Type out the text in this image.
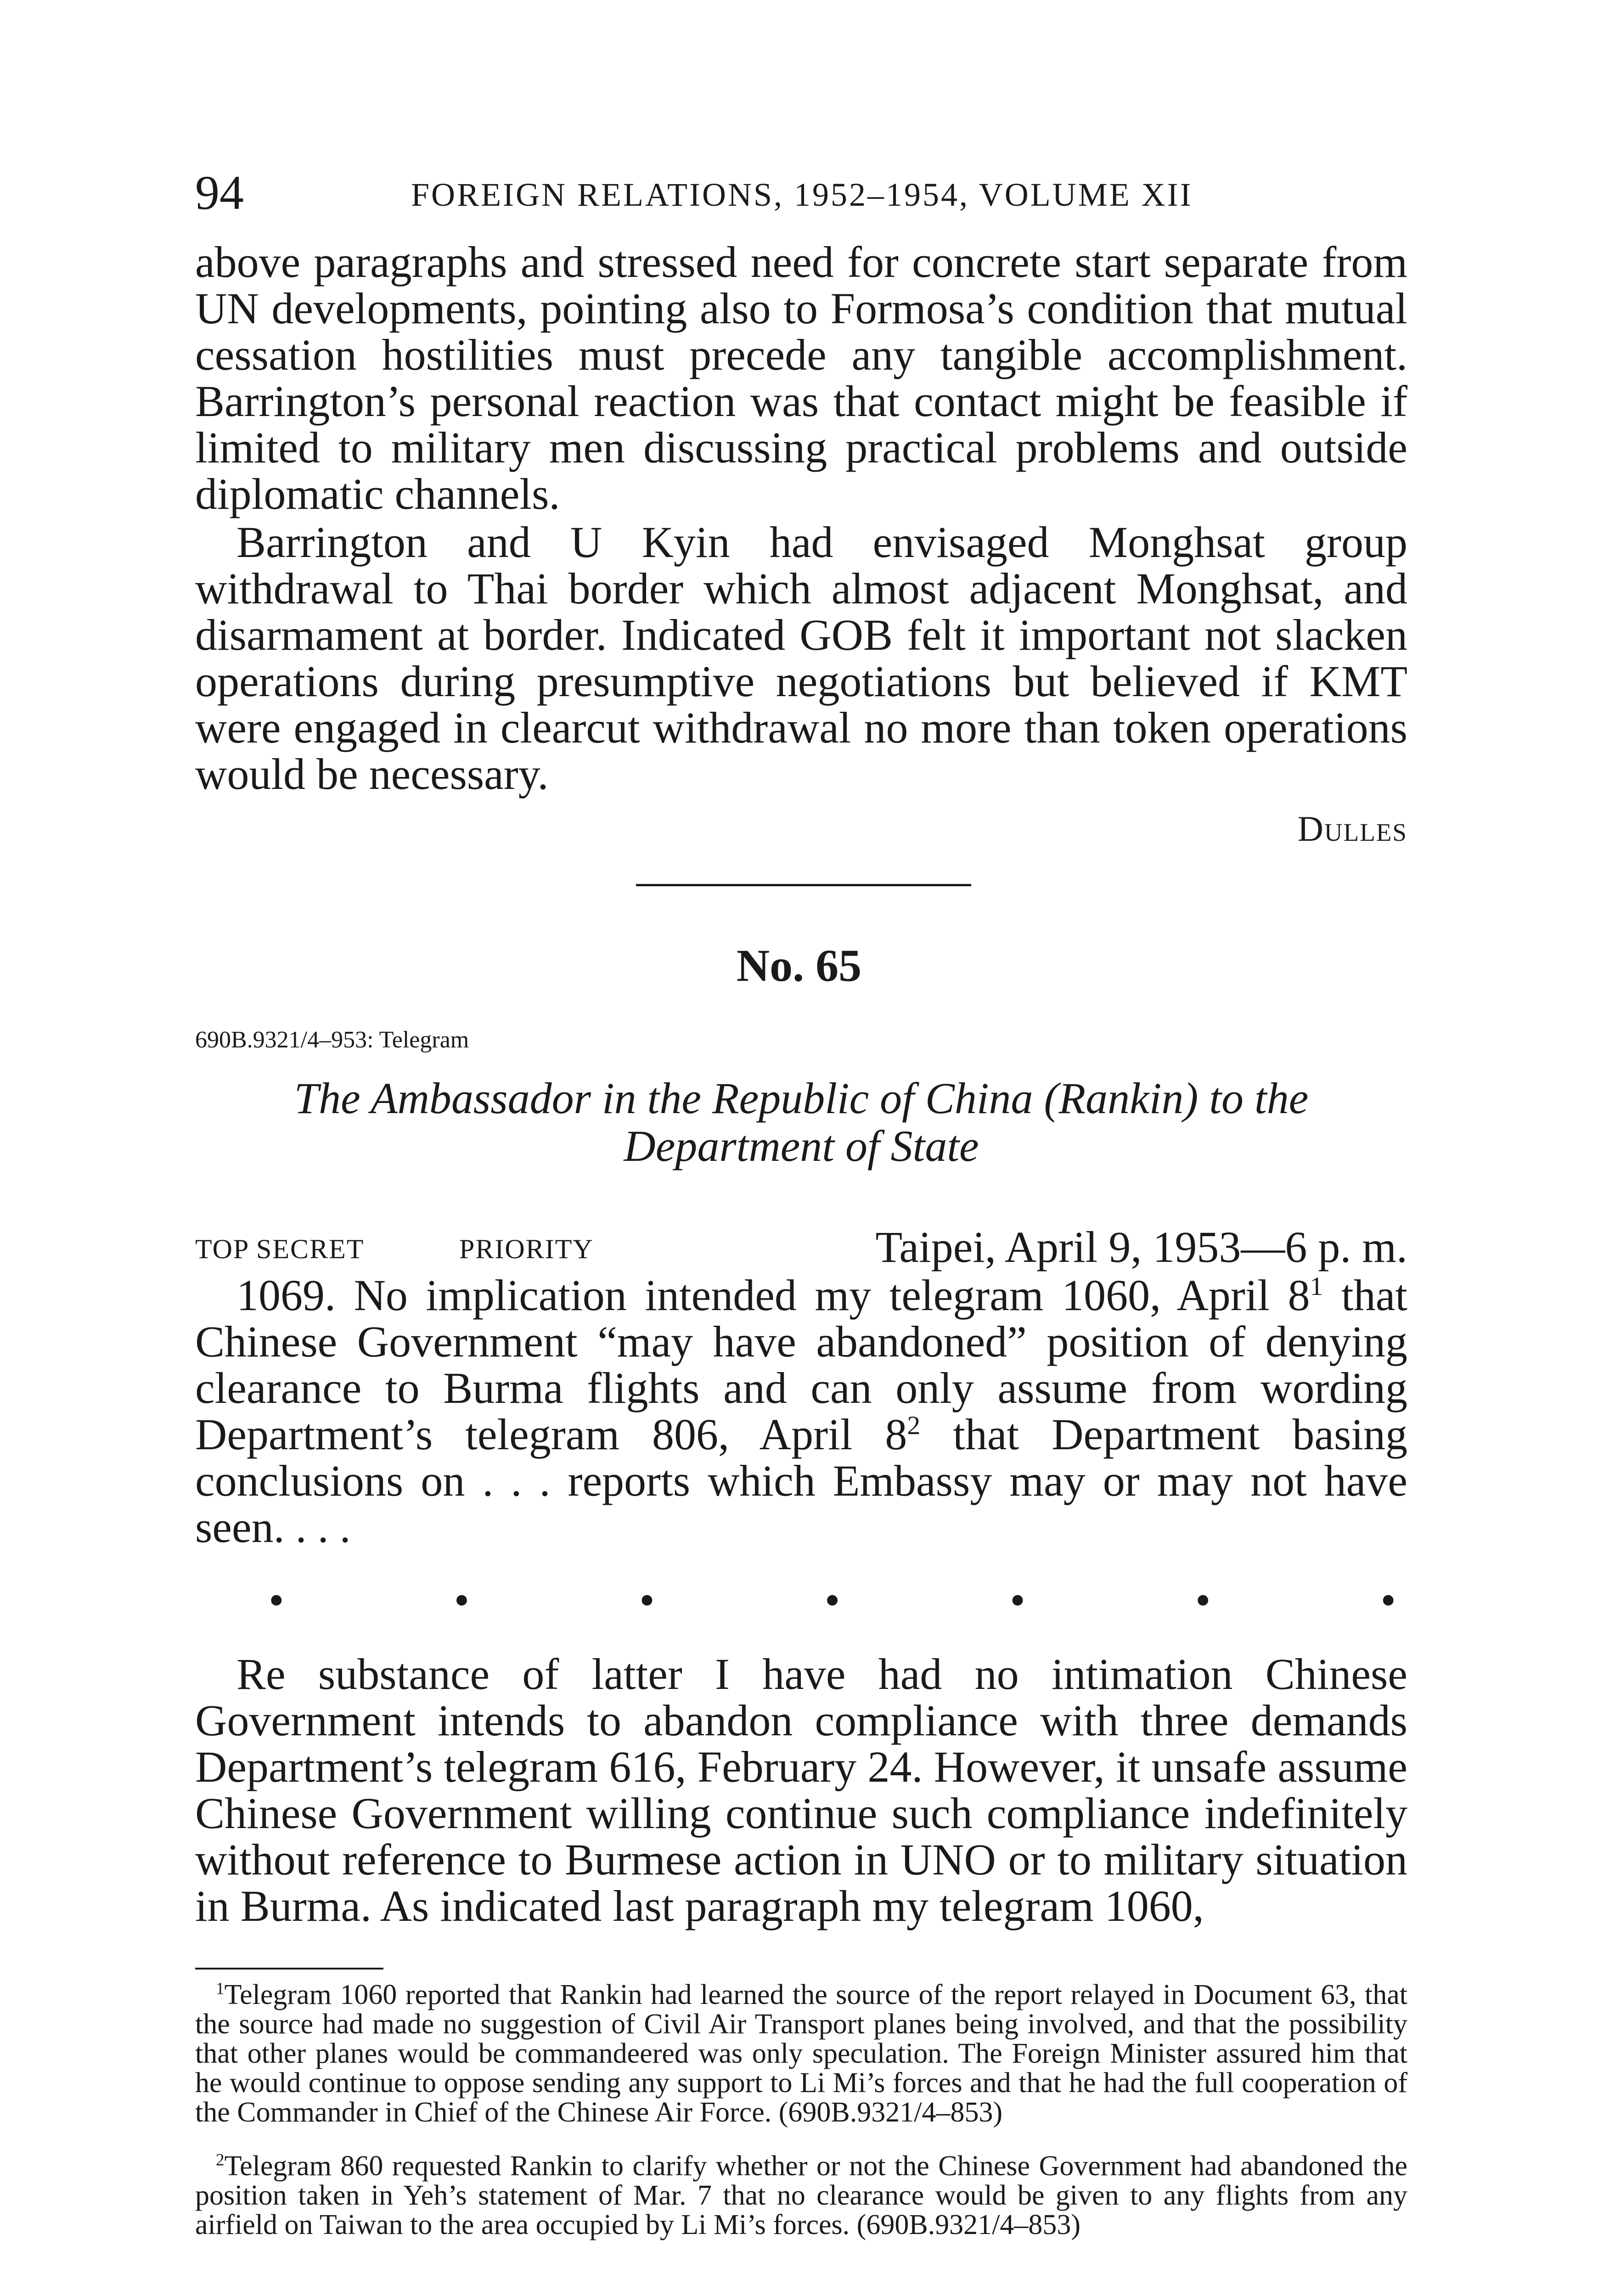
94	FOREIGN RELATIONS, 1952–1954, VOLUME XII

above paragraphs and stressed need for concrete start separate from UN developments, pointing also to Formosa’s condition that mutual cessation hostilities must precede any tangible accomplishment. Barrington’s personal reaction was that contact might be feasible if limited to military men discussing practical problems and outside diplomatic channels.

Barrington and U Kyin had envisaged Monghsat group withdrawal to Thai border which almost adjacent Monghsat, and disarmament at border. Indicated GOB felt it important not slacken operations during presumptive negotiations but believed if KMT were engaged in clearcut withdrawal no more than token operations would be necessary.

Dulles
No. 65
690B.9321/4–953: Telegram
The Ambassador in the Republic of China (Rankin) to the
Department of State
TOP SECRET	PRIORITY	Taipei, April 9, 1953—6 p. m.

1069. No implication intended my telegram 1060, April $8^1$ that Chinese Government “may have abandoned” position of denying clearance to Burma flights and can only assume from wording Department’s telegram 806, April $8^2$ that Department basing conclusions on . . . reports which Embassy may or may not have seen. . . .

•	•	•	•	•	•	•

Re substance of latter I have had no intimation Chinese Government intends to abandon compliance with three demands Department’s telegram 616, February 24. However, it unsafe assume Chinese Government willing continue such compliance indefinitely without reference to Burmese action in UNO or to military situation in Burma. As indicated last paragraph my telegram 1060,

$^1$Telegram 1060 reported that Rankin had learned the source of the report relayed in Document 63, that the source had made no suggestion of Civil Air Transport planes being involved, and that the possibility that other planes would be commandeered was only speculation. The Foreign Minister assured him that he would continue to oppose sending any support to Li Mi’s forces and that he had the full cooperation of the Commander in Chief of the Chinese Air Force. (690B.9321/4–853)

$^2$Telegram 860 requested Rankin to clarify whether or not the Chinese Government had abandoned the position taken in Yeh’s statement of Mar. 7 that no clearance would be given to any flights from any airfield on Taiwan to the area occupied by Li Mi’s forces. (690B.9321/4–853)
